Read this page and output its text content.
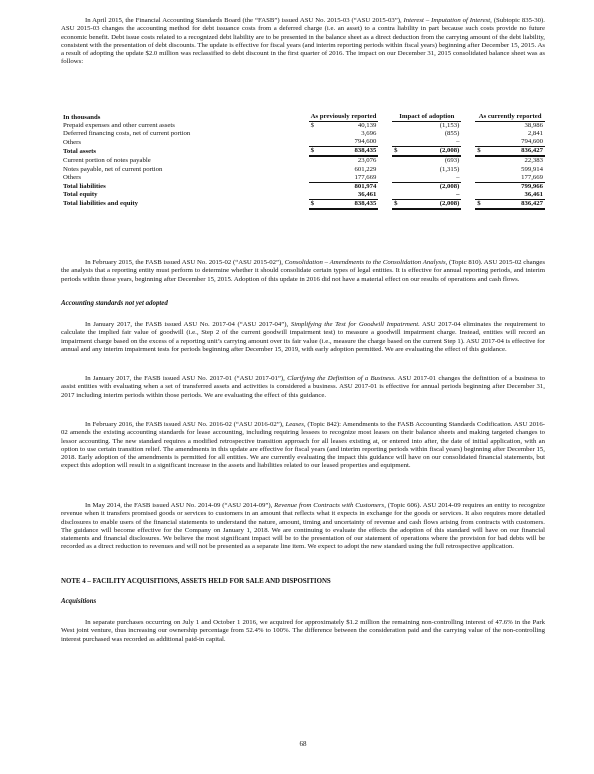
In April 2015, the Financial Accounting Standards Board (the “FASB”) issued ASU No. 2015-03 (“ASU 2015-03”), Interest – Imputation of Interest, (Subtopic 835-30). ASU 2015-03 changes the accounting method for debt issuance costs from a deferred charge (i.e. an asset) to a contra liability in part because such costs provide no future economic benefit. Debt issue costs related to a recognized debt liability are to be presented in the balance sheet as a direct deduction from the carrying amount of the debt liability, consistent with the presentation of debt discounts. The update is effective for fiscal years (and interim reporting periods within fiscal years) beginning after December 15, 2015. As a result of adopting the update $2.0 million was reclassified to debt discount in the first quarter of 2016. The impact on our December 31, 2015 consolidated balance sheet was as follows:

In thousands	As previously reported			Impact of adoption			As currently reported	
Prepaid expenses and other current assets	$	40,139			(1,153)			38,986
Deferred financing costs, net of current portion		3,696			(855)			2,841
Others		794,600			–			794,600
Total assets	$	838,435		$	(2,008)		$	836,427
Current portion of notes payable		23,076			(693)			22,383
Notes payable, net of current portion		601,229			(1,315)			599,914
Others		177,669			–			177,669
Total liabilities		801,974			(2,008)			799,966
Total equity		36,461			–			36,461
Total liabilities and equity	$	838,435		$	(2,008)		$	836,427

In February 2015, the FASB issued ASU No. 2015-02 (“ASU 2015-02”), Consolidation – Amendments to the Consolidation Analysis, (Topic 810). ASU 2015-02 changes the analysis that a reporting entity must perform to determine whether it should consolidate certain types of legal entities. It is effective for annual reporting periods, and interim periods within those years, beginning after December 15, 2015. Adoption of this update in 2016 did not have a material effect on our results of operations and cash flows.

Accounting standards not yet adopted

In January 2017, the FASB issued ASU No. 2017-04 (“ASU 2017-04”), Simplifying the Test for Goodwill Impairment. ASU 2017-04 eliminates the requirement to calculate the implied fair value of goodwill (i.e., Step 2 of the current goodwill impairment test) to measure a goodwill impairment charge. Instead, entities will record an impairment charge based on the excess of a reporting unit’s carrying amount over its fair value (i.e., measure the charge based on the current Step 1). ASU 2017-04 is effective for annual and any interim impairment tests for periods beginning after December 15, 2019, with early adoption permitted. We are evaluating the effect of this guidance.

In January 2017, the FASB issued ASU No. 2017-01 (“ASU 2017-01”), Clarifying the Definition of a Business. ASU 2017-01 changes the definition of a business to assist entities with evaluating when a set of transferred assets and activities is considered a business. ASU 2017-01 is effective for annual periods beginning after December 31, 2017 including interim periods within those periods. We are evaluating the effect of this guidance.

In February 2016, the FASB issued ASU No. 2016-02 (“ASU 2016-02”), Leases, (Topic 842): Amendments to the FASB Accounting Standards Codification. ASU 2016-02 amends the existing accounting standards for lease accounting, including requiring lessees to recognize most leases on their balance sheets and making targeted changes to lessor accounting. The new standard requires a modified retrospective transition approach for all leases existing at, or entered into after, the date of initial application, with an option to use certain transition relief. The amendments in this update are effective for fiscal years (and interim reporting periods within fiscal years) beginning after December 15, 2018. Early adoption of the amendments is permitted for all entities. We are currently evaluating the impact this guidance will have on our consolidated financial statements, but expect this adoption will result in a significant increase in the assets and liabilities related to our leased properties and equipment.

In May 2014, the FASB issued ASU No. 2014-09 (“ASU 2014-09”), Revenue from Contracts with Customers, (Topic 606). ASU 2014-09 requires an entity to recognize revenue when it transfers promised goods or services to customers in an amount that reflects what it expects in exchange for the goods or services. It also requires more detailed disclosures to enable users of the financial statements to understand the nature, amount, timing and uncertainty of revenue and cash flows arising from contracts with customers. The guidance will become effective for the Company on January 1, 2018. We are continuing to evaluate the effects the adoption of this standard will have on our financial statements and financial disclosures. We believe the most significant impact will be to the presentation of our statement of operations where the provision for bad debts will be recorded as a direct reduction to revenues and will not be presented as a separate line item. We expect to adopt the new standard using the full retrospective application.

NOTE 4 – FACILITY ACQUISITIONS, ASSETS HELD FOR SALE AND DISPOSITIONS

Acquisitions

In separate purchases occurring on July 1 and October 1 2016, we acquired for approximately $1.2 million the remaining non-controlling interest of 47.6% in the Park West joint venture, thus increasing our ownership percentage from 52.4% to 100%. The difference between the consideration paid and the carrying value of the non-controlling interest purchased was recorded as additional paid-in capital.

68
